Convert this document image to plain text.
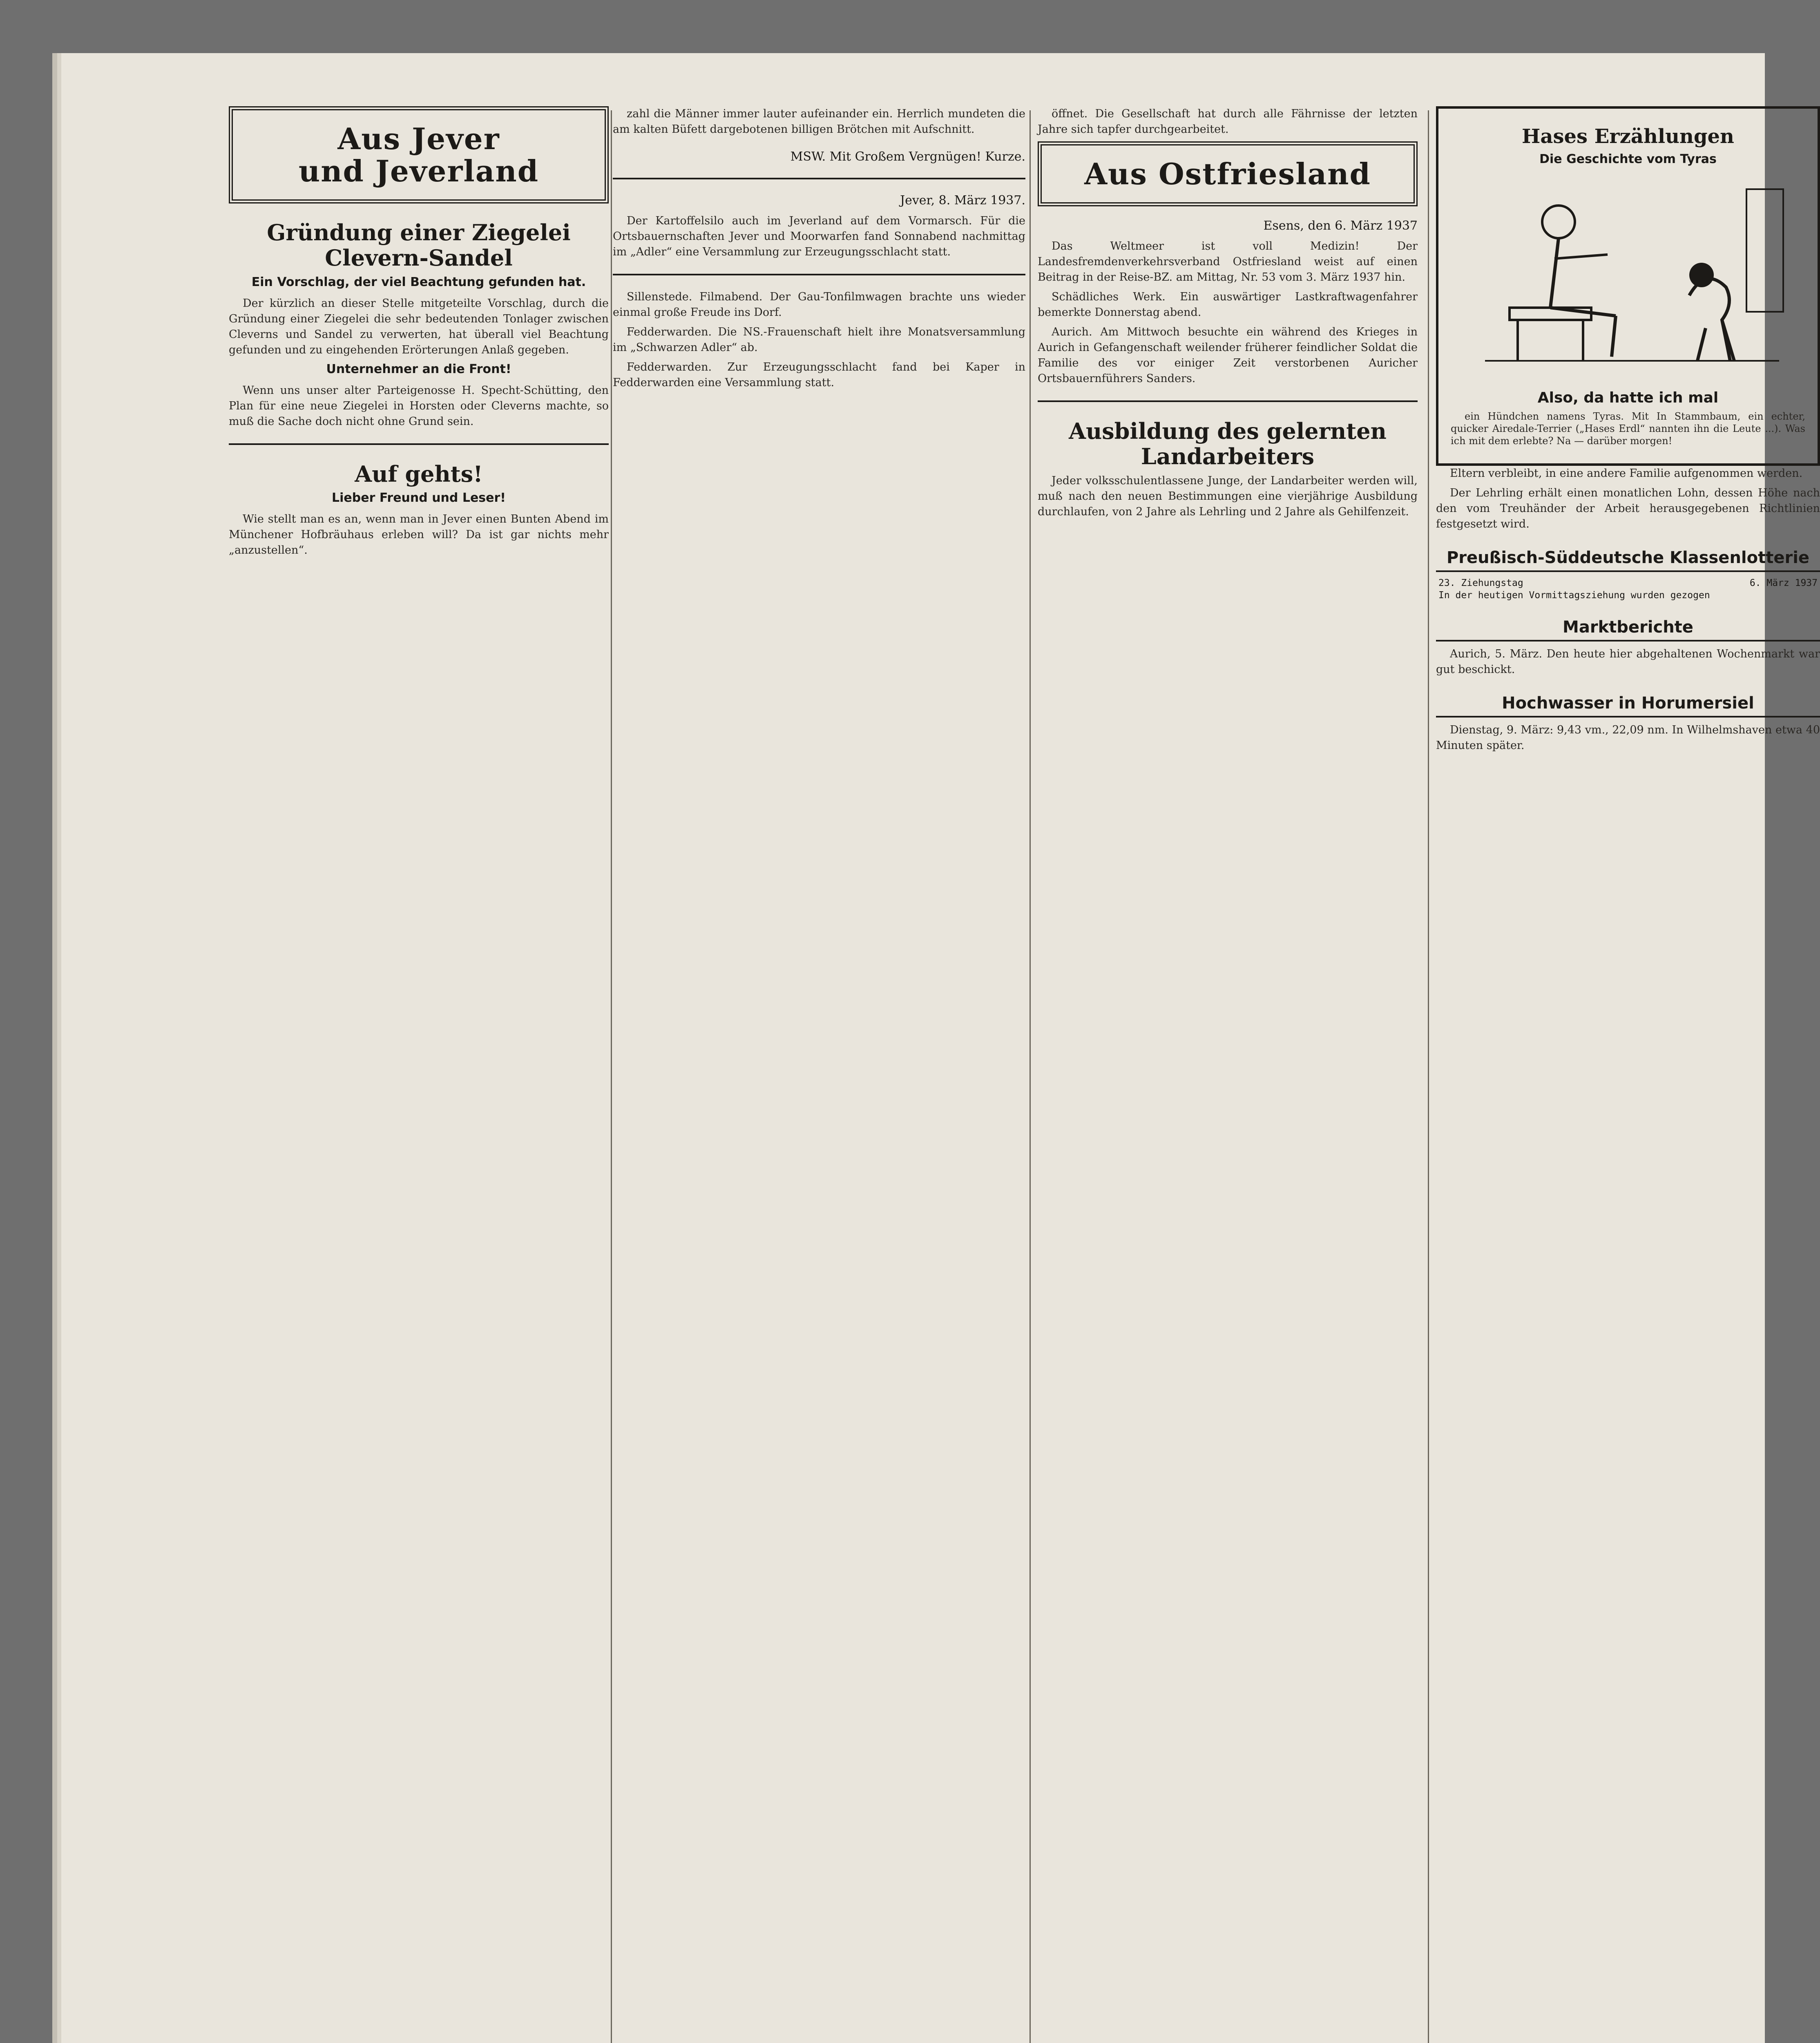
Aus Jever
und Jeverland
Gründung einer Ziegelei Clevern-Sandel
Ein Vorschlag, der viel Beachtung gefunden hat.

Der kürzlich an dieser Stelle mitgeteilte Vorschlag, durch die Gründung einer Ziegelei die sehr bedeutenden Tonlager zwischen Cleverns und Sandel zu verwerten, hat überall viel Beachtung gefunden und zu eingehenden Erörterungen Anlaß gegeben.

Unternehmer an die Front!

Wenn uns unser alter Parteigenosse H. Specht-Schütting, den Plan für eine neue Ziegelei in Horsten oder Cleverns machte, so muß die Sache doch nicht ohne Grund sein.

Auf gehts!
Lieber Freund und Leser!

Wie stellt man es an, wenn man in Jever einen Bunten Abend im Münchener Hofbräuhaus erleben will? Da ist gar nichts mehr „anzustellen“.

zahl die Männer immer lauter aufeinander ein. Herrlich mundeten die am kalten Büfett dargebotenen billigen Brötchen mit Aufschnitt.

MSW. Mit Großem Vergnügen! Kurze.
Jever, 8. März 1937.

Der Kartoffelsilo auch im Jeverland auf dem Vormarsch. Für die Ortsbauernschaften Jever und Moorwarfen fand Sonnabend nachmittag im „Adler“ eine Versammlung zur Erzeugungsschlacht statt.

Sillenstede. Filmabend. Der Gau-Tonfilmwagen brachte uns wieder einmal große Freude ins Dorf.

Fedderwarden. Die NS.-Frauenschaft hielt ihre Monatsversammlung im „Schwarzen Adler“ ab.

Fedderwarden. Zur Erzeugungsschlacht fand bei Kaper in Fedderwarden eine Versammlung statt.

öffnet. Die Gesellschaft hat durch alle Fährnisse der letzten Jahre sich tapfer durchgearbeitet.

Aus Ostfriesland
Esens, den 6. März 1937

Das Weltmeer ist voll Medizin! Der Landesfremdenverkehrsverband Ostfriesland weist auf einen Beitrag in der Reise-BZ. am Mittag, Nr. 53 vom 3. März 1937 hin.

Schädliches Werk. Ein auswärtiger Lastkraftwagenfahrer bemerkte Donnerstag abend.

Aurich. Am Mittwoch besuchte ein während des Krieges in Aurich in Gefangenschaft weilender früherer feindlicher Soldat die Familie des vor einiger Zeit verstorbenen Auricher Ortsbauernführers Sanders.

Ausbildung des gelernten Landarbeiters

Jeder volksschulentlassene Junge, der Landarbeiter werden will, muß nach den neuen Bestimmungen eine vierjährige Ausbildung durchlaufen, von 2 Jahre als Lehrling und 2 Jahre als Gehilfenzeit.

Hases Erzählungen
Die Geschichte vom Tyras
Also, da hatte ich mal

ein Hündchen namens Tyras. Mit In Stammbaum, ein echter, quicker Airedale-Terrier („Hases Erdl“ nannten ihn die Leute ...). Was ich mit dem erlebte? Na — darüber morgen!

Eltern verbleibt, in eine andere Familie aufgenommen werden.

Der Lehrling erhält einen monatlichen Lohn, dessen Höhe nach den vom Treuhänder der Arbeit herausgegebenen Richtlinien festgesetzt wird.

Preußisch-Süddeutsche Klassenlotterie
23. Ziehungstag	6. März 1937
In der heutigen Vormittagsziehung wurden gezogen
Marktberichte

Aurich, 5. März. Den heute hier abgehaltenen Wochenmarkt war gut beschickt.

Hochwasser in Horumersiel

Dienstag, 9. März: 9,43 vm., 22,09 nm. In Wilhelmshaven etwa 40 Minuten später.
